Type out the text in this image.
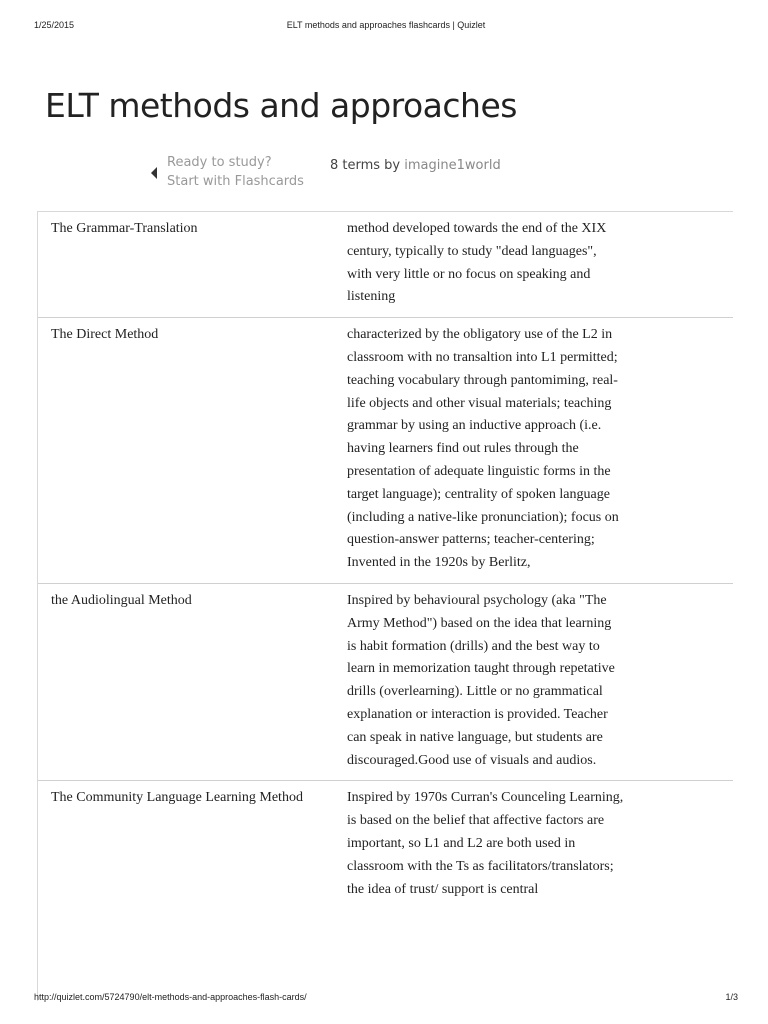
1/25/2015	ELT methods and approaches flashcards | Quizlet
ELT methods and approaches
Ready to study?
Start with Flashcards
8 terms by imagine1world
The Grammar-Translation	method developed towards the end of the XIX century, typically to study "dead languages", with very little or no focus on speaking and listening
The Direct Method	characterized by the obligatory use of the L2 in classroom with no transaltion into L1 permitted; teaching vocabulary through pantomiming, real-life objects and other visual materials; teaching grammar by using an inductive approach (i.e. having learners find out rules through the presentation of adequate linguistic forms in the target language); centrality of spoken language (including a native-like pronunciation); focus on question-answer patterns; teacher-centering; Invented in the 1920s by Berlitz,
the Audiolingual Method	Inspired by behavioural psychology (aka "The Army Method") based on the idea that learning is habit formation (drills) and the best way to learn in memorization taught through repetative drills (overlearning). Little or no grammatical explanation or interaction is provided. Teacher can speak in native language, but students are discouraged.Good use of visuals and audios.
The Community Language Learning Method	Inspired by 1970s Curran's Counceling Learning, is based on the belief that affective factors are important, so L1 and L2 are both used in classroom with the Ts as facilitators/translators; the idea of trust/ support is central
http://quizlet.com/5724790/elt-methods-and-approaches-flash-cards/	1/3
